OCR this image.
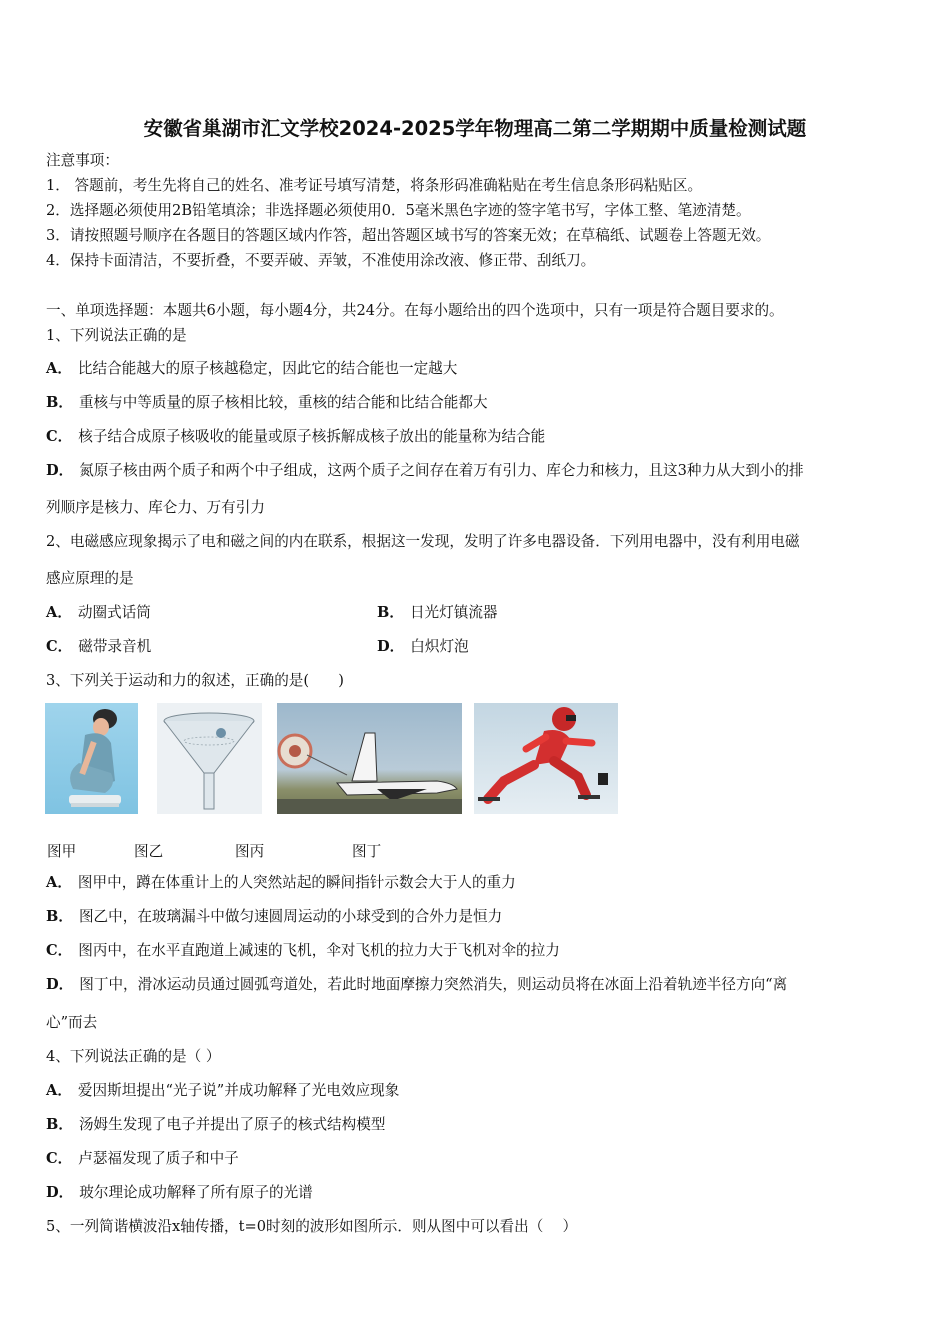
安徽省巢湖市汇文学校2024-2025学年物理高二第二学期期中质量检测试题
注意事项：
1． 答题前，考生先将自己的姓名、准考证号填写清楚，将条形码准确粘贴在考生信息条形码粘贴区。
2．选择题必须使用2B铅笔填涂；非选择题必须使用0．5毫米黑色字迹的签字笔书写，字体工整、笔迹清楚。
3．请按照题号顺序在各题目的答题区域内作答，超出答题区域书写的答案无效；在草稿纸、试题卷上答题无效。
4．保持卡面清洁，不要折叠，不要弄破、弄皱，不准使用涂改液、修正带、刮纸刀。
一、单项选择题：本题共6小题，每小题4分，共24分。在每小题给出的四个选项中，只有一项是符合题目要求的。
1、下列说法正确的是
A． 比结合能越大的原子核越稳定，因此它的结合能也一定越大
B． 重核与中等质量的原子核相比较，重核的结合能和比结合能都大
C． 核子结合成原子核吸收的能量或原子核拆解成核子放出的能量称为结合能
D． 氮原子核由两个质子和两个中子组成，这两个质子之间存在着万有引力、库仑力和核力，且这3种力从大到小的排
列顺序是核力、库仑力、万有引力
2、电磁感应现象揭示了电和磁之间的内在联系，根据这一发现，发明了许多电器设备．下列用电器中，没有利用电磁
感应原理的是
A． 动圈式话筒	B． 日光灯镇流器
C． 磁带录音机	D． 白炽灯泡
3、下列关于运动和力的叙述，正确的是(　　)
图甲	图乙	图丙	图丁
A． 图甲中，蹲在体重计上的人突然站起的瞬间指针示数会大于人的重力
B． 图乙中，在玻璃漏斗中做匀速圆周运动的小球受到的合外力是恒力
C． 图丙中，在水平直跑道上减速的飞机，伞对飞机的拉力大于飞机对伞的拉力
D． 图丁中，滑冰运动员通过圆弧弯道处，若此时地面摩擦力突然消失，则运动员将在冰面上沿着轨迹半径方向“离
心”而去
4、下列说法正确的是（ ）
A． 爱因斯坦提出“光子说”并成功解释了光电效应现象
B． 汤姆生发现了电子并提出了原子的核式结构模型
C． 卢瑟福发现了质子和中子
D． 玻尔理论成功解释了所有原子的光谱
5、一列简谐横波沿x轴传播，t=0时刻的波形如图所示．则从图中可以看出（　 ）
